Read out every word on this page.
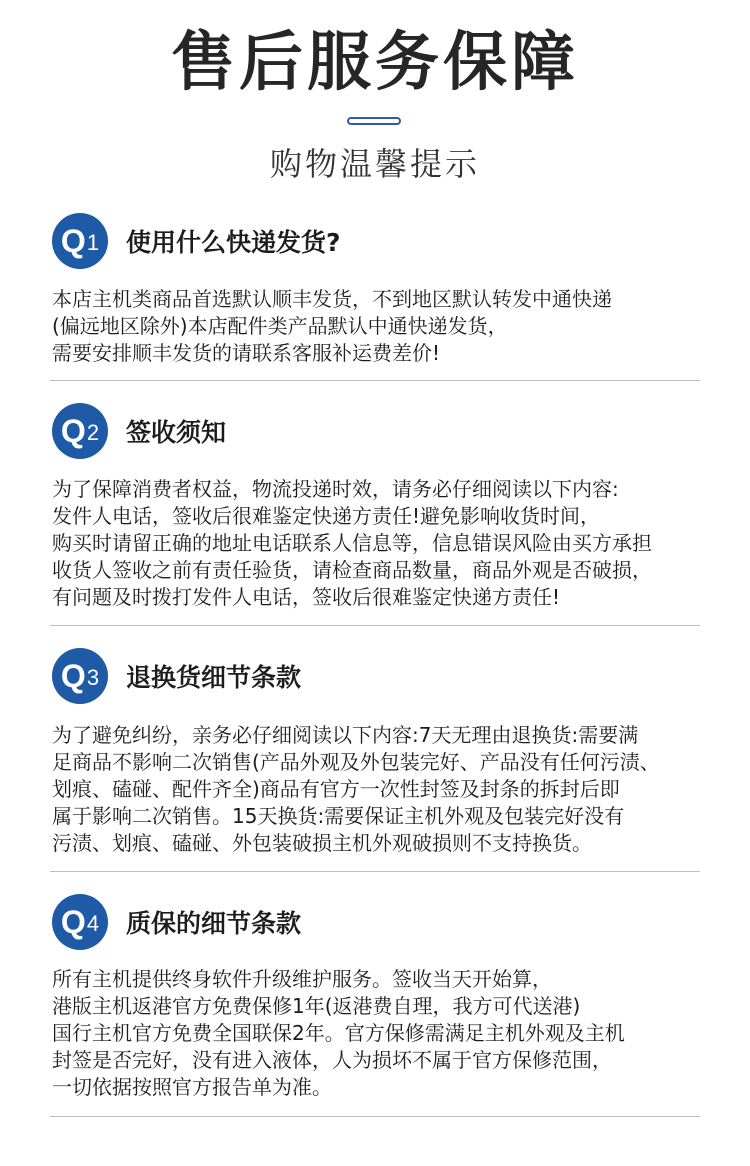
售后服务保障
购物温馨提示
Q 1 使用什么快递发货?
本店主机类商品首选默认顺丰发货，不到地区默认转发中通快递
(偏远地区除外)本店配件类产品默认中通快递发货，
需要安排顺丰发货的请联系客服补运费差价!
Q 2 签收须知
为了保障消费者权益，物流投递时效，请务必仔细阅读以下内容:
发件人电话，签收后很难鉴定快递方责任!避免影响收货时间，
购买时请留正确的地址电话联系人信息等，信息错误风险由买方承担
收货人签收之前有责任验货，请检查商品数量，商品外观是否破损，
有问题及时拨打发件人电话，签收后很难鉴定快递方责任!
Q 3 退换货细节条款
为了避免纠纷，亲务必仔细阅读以下内容:7天无理由退换货:需要满
足商品不影响二次销售(产品外观及外包装完好、产品没有任何污渍、
划痕、磕碰、配件齐全)商品有官方一次性封签及封条的拆封后即
属于影响二次销售。15天换货:需要保证主机外观及包装完好没有
污渍、划痕、磕碰、外包装破损主机外观破损则不支持换货。
Q 4 质保的细节条款
所有主机提供终身软件升级维护服务。签收当天开始算，
港版主机返港官方免费保修1年(返港费自理，我方可代送港)
国行主机官方免费全国联保2年。官方保修需满足主机外观及主机
封签是否完好，没有进入液体，人为损坏不属于官方保修范围，
一切依据按照官方报告单为准。
